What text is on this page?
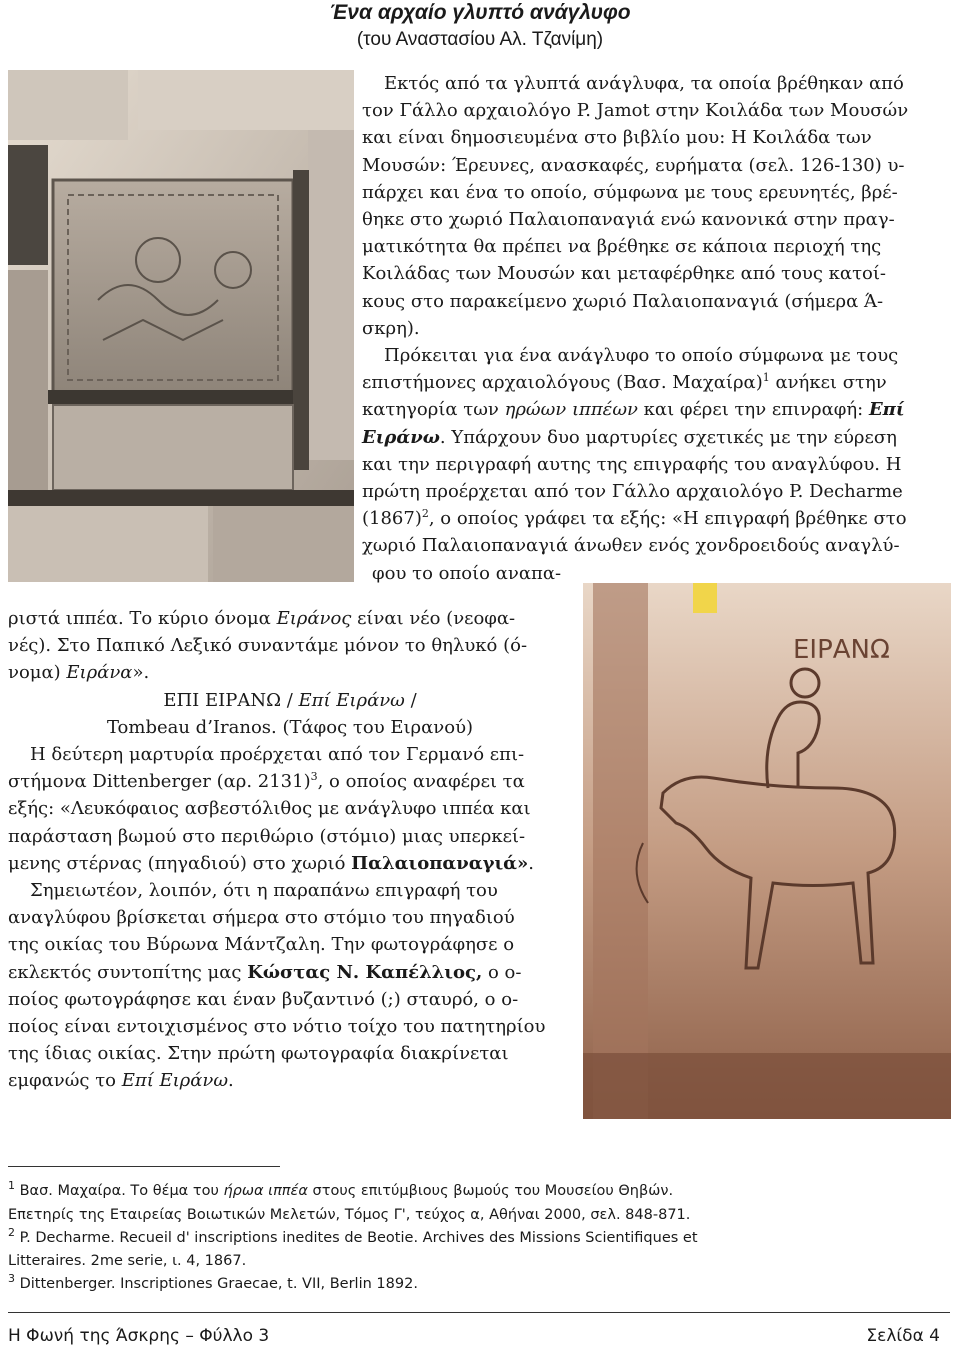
Ένα αρχαίο γλυπτό ανάγλυφο
(του Αναστασίου Αλ. Τζανίμη)
ΕΙΡΑΝΩ

Εκτός από τα γλυπτά ανάγλυφα, τα οποία βρέθηκαν από
τον Γάλλο αρχαιολόγο P. Jamot στην Κοιλάδα των Μουσών
και είναι δημοσιευμένα στο βιβλίο μου: Η Κοιλάδα των
Μουσών: Έρευνες, ανασκαφές, ευρήματα (σελ. 126-130) υ-
πάρχει και ένα το οποίο, σύμφωνα με τους ερευνητές, βρέ-
θηκε στο χωριό Παλαιοπαναγιά ενώ κανονικά στην πραγ-
ματικότητα θα πρέπει να βρέθηκε σε κάποια περιοχή της
Κοιλάδας των Μουσών και μεταφέρθηκε από τους κατοί-
κους στο παρακείμενο χωριό Παλαιοπαναγιά (σήμερα Ά-
σκρη).

Πρόκειται για ένα ανάγλυφο το οποίο σύμφωνα με τους
επιστήμονες αρχαιολόγους (Βασ. Μαχαίρα)$^1$ ανήκει στην
κατηγορία των ηρώων ιππέων και φέρει την επινραφή: Επί
Ειράνω. Υπάρχουν δυο μαρτυρίες σχετικές με την εύρεση
και την περιγραφή αυτης της επιγραφής του αναγλύφου. Η
πρώτη προέρχεται από τον Γάλλο αρχαιολόγο P. Decharme
$(1867)^2$, ο οποίος γράφει τα εξής: «Η επιγραφή βρέθηκε στο
χωριό Παλαιοπαναγιά άνωθεν ενός χονδροειδούς αναγλύ-
φου το οποίο αναπα-

ριστά ιππέα. Το κύριο όνομα Ειράνος είναι νέο (νεοφα-
νές). Στο Παπικό Λεξικό συναντάμε μόνον το θηλυκό (ό-
νομα) Ειράνα».

ΕΠΙ ΕΙΡΑΝΩ / Επί Ειράνω /
Tombeau d’Iranos. (Τάφος του Ειρανού)

Η δεύτερη μαρτυρία προέρχεται από τον Γερμανό επι-
στήμονα Dittenberger (αρ. 2131)$^3$, ο οποίος αναφέρει τα
εξής: «Λευκόφαιος ασβεστόλιθος με ανάγλυφο ιππέα και
παράσταση βωμού στο περιθώριο (στόμιο) μιας υπερκεί-
μενης στέρνας (πηγαδιού) στο χωριό Παλαιοπαναγιά».

Σημειωτέον, λοιπόν, ότι η παραπάνω επιγραφή του
αναγλύφου βρίσκεται σήμερα στο στόμιο του πηγαδιού
της οικίας του Βύρωνα Μάντζαλη. Την φωτογράφησε ο
εκλεκτός συντοπίτης μας Κώστας Ν. Καπέλλιος, ο ο-
ποίος φωτογράφησε και έναν βυζαντινό (;) σταυρό, ο ο-
ποίος είναι εντοιχισμένος στο νότιο τοίχο του πατητηρίου
της ίδιας οικίας. Στην πρώτη φωτογραφία διακρίνεται
εμφανώς το Επί Ειράνω.

$^1$ Βασ. Μαχαίρα. Το θέμα του ήρωα ιππέα στους επιτύμβιους βωμούς του Μουσείου Θηβών.

Επετηρίς της Εταιρείας Βοιωτικών Μελετών, Τόμος Γ', τεύχος α, Αθήναι 2000, σελ. 848-871.

$^2$ P. Decharme. Recueil d' inscriptions inedites de Beotie. Archives des Missions Scientifiques et

Litteraires. 2me serie, ι. 4, 1867.

$^3$ Dittenberger. Inscriptiones Graecae, t. VII, Berlin 1892.

Η Φωνή της Άσκρης – Φύλλο 3	Σελίδα 4
